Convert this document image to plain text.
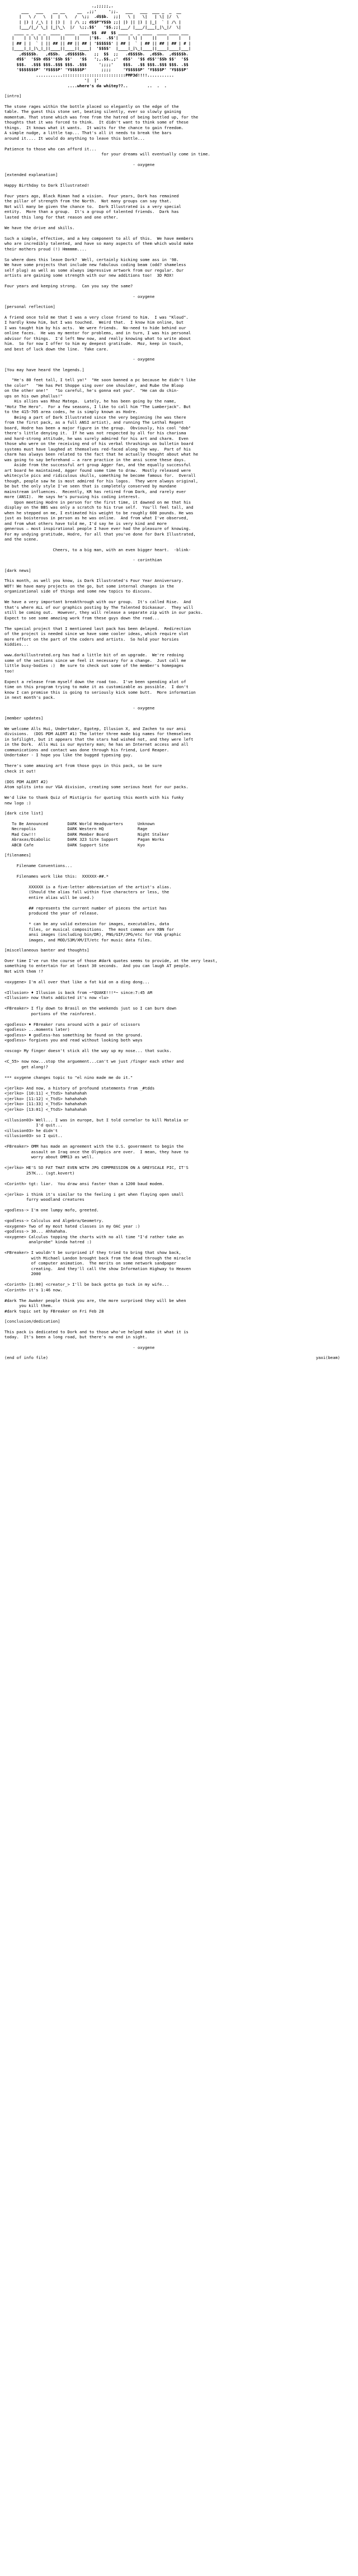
.,;;;;;,.
___   ___    __ __     __  ,;;'     ';;.   ___   ___  ___ _  _  __
|   \ /   \  |  |  \   /  \;;  .d$$b.  ;;|   \ |   \|   | \| |/  \
| |) | /_\ | | |) |  | /\ ;; d$$P"Y$$b ;;| |) || |) | |_|  ` | /\ |
|___/|_/ \_| |_|\_\  |/  \;;.$$'   '$$.;;|___/ |___/|___|_|\_|/  \|
____ _ _  _ _  ____  ____  ____ $$  ##  $$ ____ _  _ ____  ____ ____ ___
|    | | \| | ||    ||    ||    |'$$.  .$$'|    | \| |    ||    |    |   |
| ## | |  ` | || ## || ## || ## | '$$$$$$' | ## |  ` | ## || ## | ## | # |
|____|_|_|\_|_||____||____||____|  '$$$$'  |____|_|\_|____||____|____|___|
,d$$$$b.   ,d$$b.  ,d$$$$$b.   ;;  $$  ;;   .d$$$$b.  ,d$$b.  ,d$$$$b.
d$$'  '$$b d$$''$$b $$'   '$$   ';,.$$.,;'  d$$'  '$$ d$$''$$b $$'  '$$
$$$.  .$$$ $$$..$$$ $$$. .$$$     ';;;;'    $$$.  .$$ $$$..$$$ $$$. .$$
'$$$$$$$P' 'Y$$$$P' 'Y$$$$$P'      ;;;;     'Y$$$$$P' 'Y$$$$P' 'Y$$$$P'
...........::::::::::::::::::::::::::PMP3d!!!!...........
'|  |'
....where's da whitey??..        ..  .  .
[intro]
The stone rages within the bottle placed so elegantly on the edge of the
table. The guest this stone set, beating silently, ever so slowly gaining
momentum. That stone which was free from the hatred of being bottled up, for the
thoughts that it was forced to think.  It didn't want to think some of these
things.  It knows what it wants.  It waits for the chance to gain freedom.
A simple nudge, a little tap... That's all it needs to break the bars
around it.... It would do anything to leave this bottle...

Patience to those who can afford it...
for your dreams will eventually come in time.
- oxygene
[extended explanation]
Happy Birthday to Dark Illustrated!

Four years ago, Black Riman had a vision.  Four years, Dork has remained
the pillar of strength from the North.  Not many groups can say that.
Not will many be given the chance to.  Dark Illustrated is a very special
entity.  More than a group.  It's a group of talented friends.  Dark has
lasted this long for that reason and one other.

We have the drive and skills.

Such a simple, effective, and a key component to all of this.  We have members
who are incredibly talented, and have so many aspects of them which would make
their mothers proud (!) Hmmmmm....

So where does this leave Dork?  Well, certainly kicking some ass in '98.
We have some projects that include new fabulous coding beam (odd? shameless
self plug) as well as some always impressive artwork from our regular. Our
artists are gaining some strength with our new additions too!  3D ROX!

Four years and keeping strong.  Can you say the same?
- oxygene
[personal reflection]
A friend once told me that I was a very close friend to him.  I was "Kloud".
I hardly knew him, but I was touched.  Weird that.  I know him online, but
I was taught him by his acts.  We were friends.  No-need to hide behind our
online faces.  He was my mentor for problems, and in turn, I was his personal
advisor for things.  I'd left New now, and really knowing what to write about
him.  So for now I offer to him my deepest gratitude.  Moz, keep in touch,
and best of luck down the line.  Take care.
- oxygene
[You may have heard the legends.]
"He's 80 feet tall, I tell ya!"  "He soon banned a pc because he didn't like
the color"   "He has Pet Shoppe sing over one shoulder, and Rube the Bloop
on the other one!"   "So careful, he's gonna eat you".  "He can do chin-
ups on his own phallus!"
His allies was Rhaz Matega.  Lately, he has been going by the name,
"Hotz The Hero".  For a few seasons, I like to call him "The Lumberjack". But
to the 415-705 area codes, he is simply known as Hodre.
Being a part of Dark Illustrated since the very beginning (he was there
from the first pack, as a full ANSI artist), and running The Lethal Regent
board, Hodre has been a major figure in the group.  Obviously, his cool "dob"
there's little denying it.  If he was not respected by all for his charisma
and hard-strong attitude, he was surely admired for his art and charm.  Even
those who were on the receiving end of his verbal thrashings on bulletin board
systems must have laughed at themselves red-faced along the way.  Part of his
charm has always been related to the fact that he actually thought about what he
was going to say beforehand — a rare practice in the ansi scene these days.
Aside from the successful art group Agger fan, and the equally successful
art board he maintained, Agger found some time to draw.  Mostly released were
whitecycle pics and ridiculous skulls, something he become famous for.  Overall
though, people saw he is most admired for his logos.  They were always original,
be but the only style I've seen that is completely conserved by mundane
mainstream influences.  Recently, KR has retired from Dark, and rarely ever
more (ANSI).  He says he's pursuing his coding interest.
Upon meeting Hodre in person for the first time, it dawned on me that his
display on the BBS was only a scratch to his true self.  You'll feel tall, and
when he stepped on me, I estimated his weight to be roughly 600 pounds. He was
just as boisterous in person as he was online.  And from what I've observed,
and from what others have told me, I'd say he is very kind and more
generous — most inspirational people I have ever had the pleasure of knowing.
For my undying gratitude, Hodre, for all that you've done for Dark Illustrated,
and the scene.
Cheers, to a big man, with an even bigger heart.  -blink-
- corinthian
[dark news]
This month, as well you know, is Dark Illustrated's Four Year Anniversary.
WOT! We have many projects on the go, but some internal changes in the
organizational side of things and some new topics to discuss.

We have a very important breakthrough with our group.  It's called Rise.  And
that's where ALL of our graphics posting by The Talented Dickasaur.  They will
still be coming out.  However, they will release a separate zip with in our packs.
Expect to see some amazing work from these guys down the road...

The special project that I mentioned last pack has been delayed.  Redirection
of the project is needed since we have some cooler ideas, which require slot
more effort on the part of the coders and artists.  So hold your horsies
kiddies...

www.darkillustrated.org has had a little bit of an upgrade.  We're redoing
some of the sections since we feel it necessary for a change.  Just call me
little busy-bodies :)  Be sure to check out some of the member's homepages
too!

Expect a release from myself down the road too.  I've been spending alot of
time on this program trying to make it as customizable as possible.  I don't
know I can promise this is going to seriously kick some butt.  More information
in next month's pack.
- oxygene
[member updates]
We welcome Alls Hui, Undertaker, Egotep, Illusion X, and Zachen to our ansi
divisions.  (DOS PDM ALERT #1) The latter three made big names for themselves
in Sofilight, but it appears that the stars had wished not, and they were left
in the Dork.  Alls Hui is our mystery man; he has an Internet access and all
communications and contact was done through his friend, Lord Reaper.
Undertaker - I hope you like the bugged typesing guy.

There's some amazing art from those guys in this pack, so be sure
check it out!

(DOS PDM ALERT #2)
Atom splits into our VGA division, creating some serious heat for our packs.

We'd like to thank Quiz of Mistigris for quoting this month with his funky
new logo :)
[dark cite list]
To Be Announced        DARK World Headquarters      Unknown
Necropolis             DARK Western HQ              Rage
Mad Cow!!!             DARK Member Board            Night Stalker
Abraxas/Diabolic       DARK 323 Site Support        Pagan Works
ABCB Cafe              DARK Support Site            Kyo
[filenames]
Filename Conventions...

Filenames work like this:  XXXXXX-##.*

XXXXXX is a five-letter abbreviation of the artist's alias.
(Should the alias fall within five characters or less, the
entire alias will be used.)

## represents the current number of pieces the artist has
produced the year of release.

* can be any valid extension for images, executables, data
files, or musical compositions.  The most common are XBN for
ansi images (including bin/DR), PNG/GIF/JPG/etc for VGA graphic
images, and MOD/S3M/XM/IT/etc for music data files.
[miscellaneous banter and thoughts]
Over time I've run the course of those #dark quotes seems to provide, at the very least,
something to entertain for at least 30 seconds.  And you can laugh AT people.
Not with them !?

<oxygene> I'm all over that like a fat kid on a ding dong...

<Illusion> ♦ Illusion is back from ~*QUAKE!!!*~ since:7:45 AM
<Illusion> now thats addicted it's now <lu>

<FBreaker> I fly down to Brasil on the weekends just so I can burn down
portions of the rainforest.

<godless> ♦ FBreaker runs around with a pair of scissors
<godless> ...moments later)
<godless> ♦ godless-has something be found on the ground.
<godless> forgives you and read without looking both ways

<oscog> My finger doesn't stick all the way up my nose... that sucks.

<C_55> now now...stop the arguement...can't we just /finger each other and
get along!?

*** oxygene changes topic to "el nino made me do it."

<jerlko> And now, a history of profound statements from _#tdds
<jerlko> [10:11] <_TtdS> hahahahah
<jerlko> [11:12] <_TtdS> hahahahah
<jerlko> [11:33] <_TtdS> hahahahah
<jerlko> [13:01] <_TtdS> hahahahah

<illusion03> Well... I was in europe, but I told cornelor to kill Matalia or
I'd quit...
<illusion03> he didn't
<illusion03> so I quit..

<FBreaker> OMM has made an agreement with the U.S. government to begin the
assault on Iraq once the Olympics are over.  I mean, they have to
worry about OMM13 as well.

<jerlko> HE'S SO FAT THAT EVEN WITH JPG COMPRESSION ON A GREYSCALE PIC, IT'S
257K... (sgt.kovert)

<Corinth> tgt: liar.  You draw ansi faster than a 1200 baud modem.

<jerlko> i think it's similar to the feeling i get when flaying open small
furry woodland creatures

<godless-> I'm one lumpy mofo, greeted.

<godless-> Calculus and Algebra/Geometry.
<oxygene> Two of my most hated classes in my OAC year :)
<godless-> 30... Ahhahaha.
<oxygene> Calculus topping the charts with no all time "I'd rather take an
analprobe" kinda hatred :)

<FBreaker> I wouldn't be surprised if they tried to bring that show back,
with Michael Landon brought back from the dead through the miracle
of computer animation.  The merits on some network sandpaper
creating.  And they'll call the show Information Highway to Heaven
2000

<Corinth> [1:00] <creator_> I'll be back gotta go tuck in my wife...
<Corinth> it's 1:46 now.

#dark The Awaker people think you are, the more surprised they will be when
you kill them.
#dark topic set by FBreaker on Fri Feb 28
[conclusion/dedication]
This pack is dedicated to Dork and to those who've helped make it what it is
today.  It's been a long road, but there's no end in sight.
- oxygene
(end of info file)	yaxi(beam)
